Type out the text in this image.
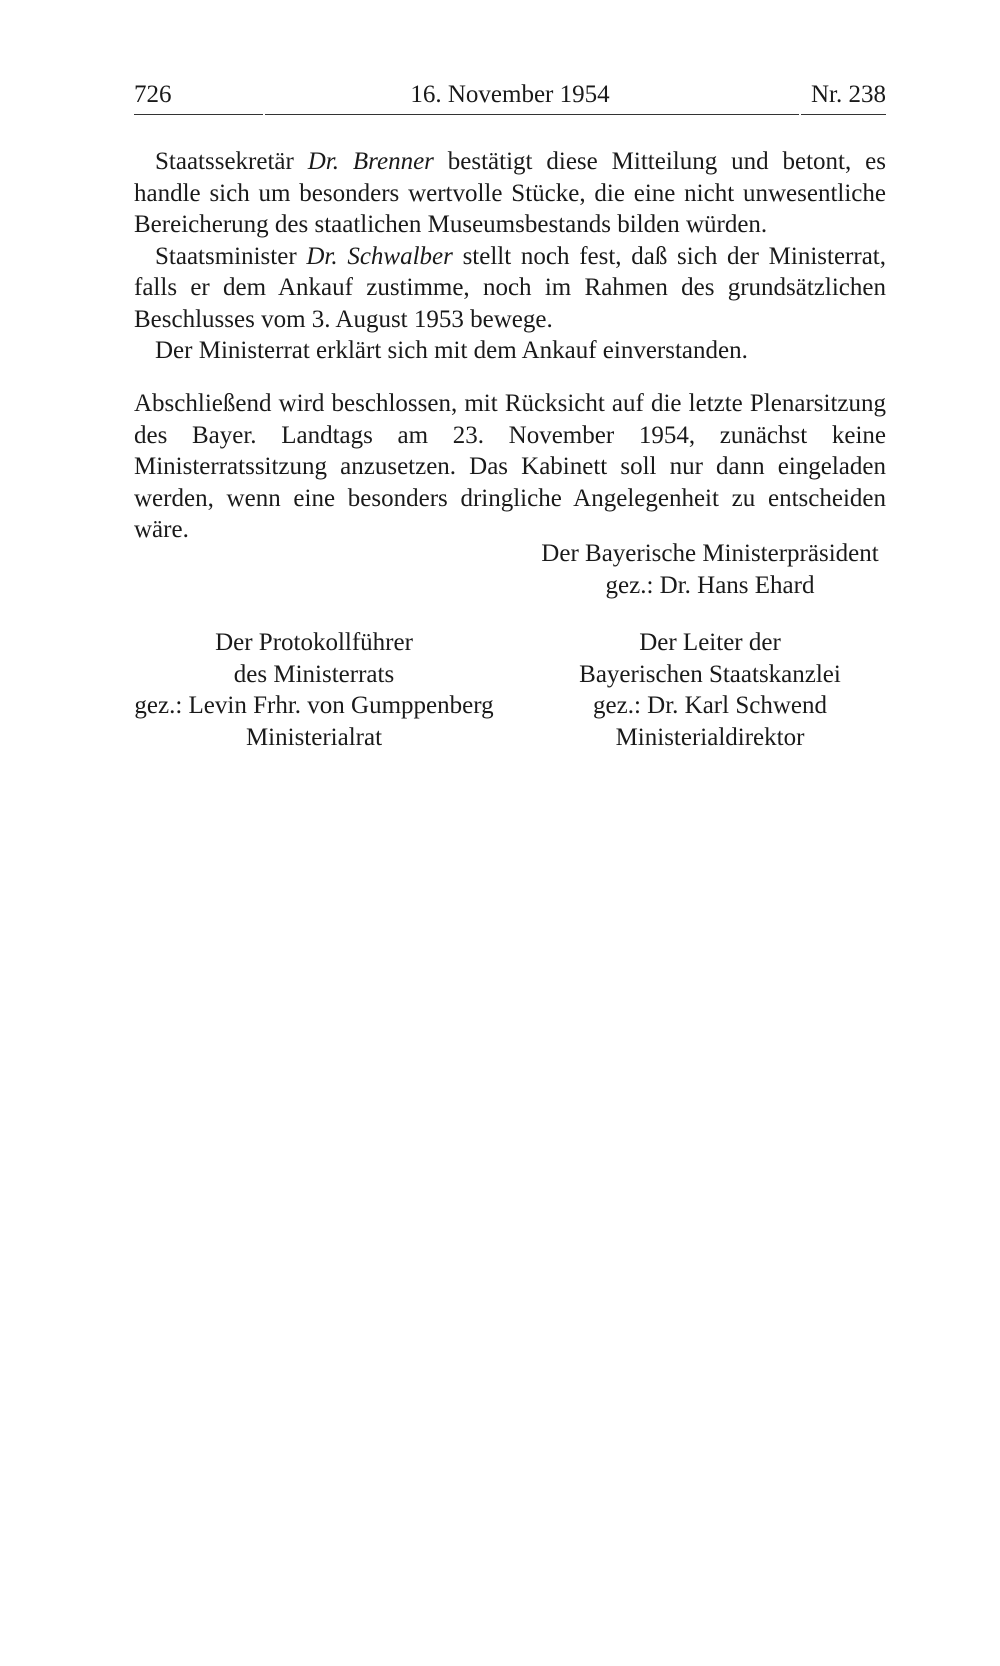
726	16. November 1954	Nr. 238

Staatssekretär Dr. Brenner bestätigt diese Mitteilung und betont, es handle sich um besonders wertvolle Stücke, die eine nicht unwesentliche Bereicherung des staatlichen Museumsbestands bilden würden.

Staatsminister Dr. Schwalber stellt noch fest, daß sich der Ministerrat, falls er dem Ankauf zustimme, noch im Rahmen des grundsätzlichen Beschlusses vom 3. August 1953 bewege.

Der Ministerrat erklärt sich mit dem Ankauf einverstanden.

Abschließend wird beschlossen, mit Rücksicht auf die letzte Plenarsitzung des Bayer. Landtags am 23. November 1954, zunächst keine Ministerratssitzung anzusetzen. Das Kabinett soll nur dann eingeladen werden, wenn eine besonders dringliche Angelegenheit zu entscheiden wäre.

Der Bayerische Ministerpräsident
gez.: Dr. Hans Ehard
Der Protokollführer
des Ministerrats
gez.: Levin Frhr. von Gumppenberg
Ministerialrat
Der Leiter der
Bayerischen Staatskanzlei
gez.: Dr. Karl Schwend
Ministerialdirektor
